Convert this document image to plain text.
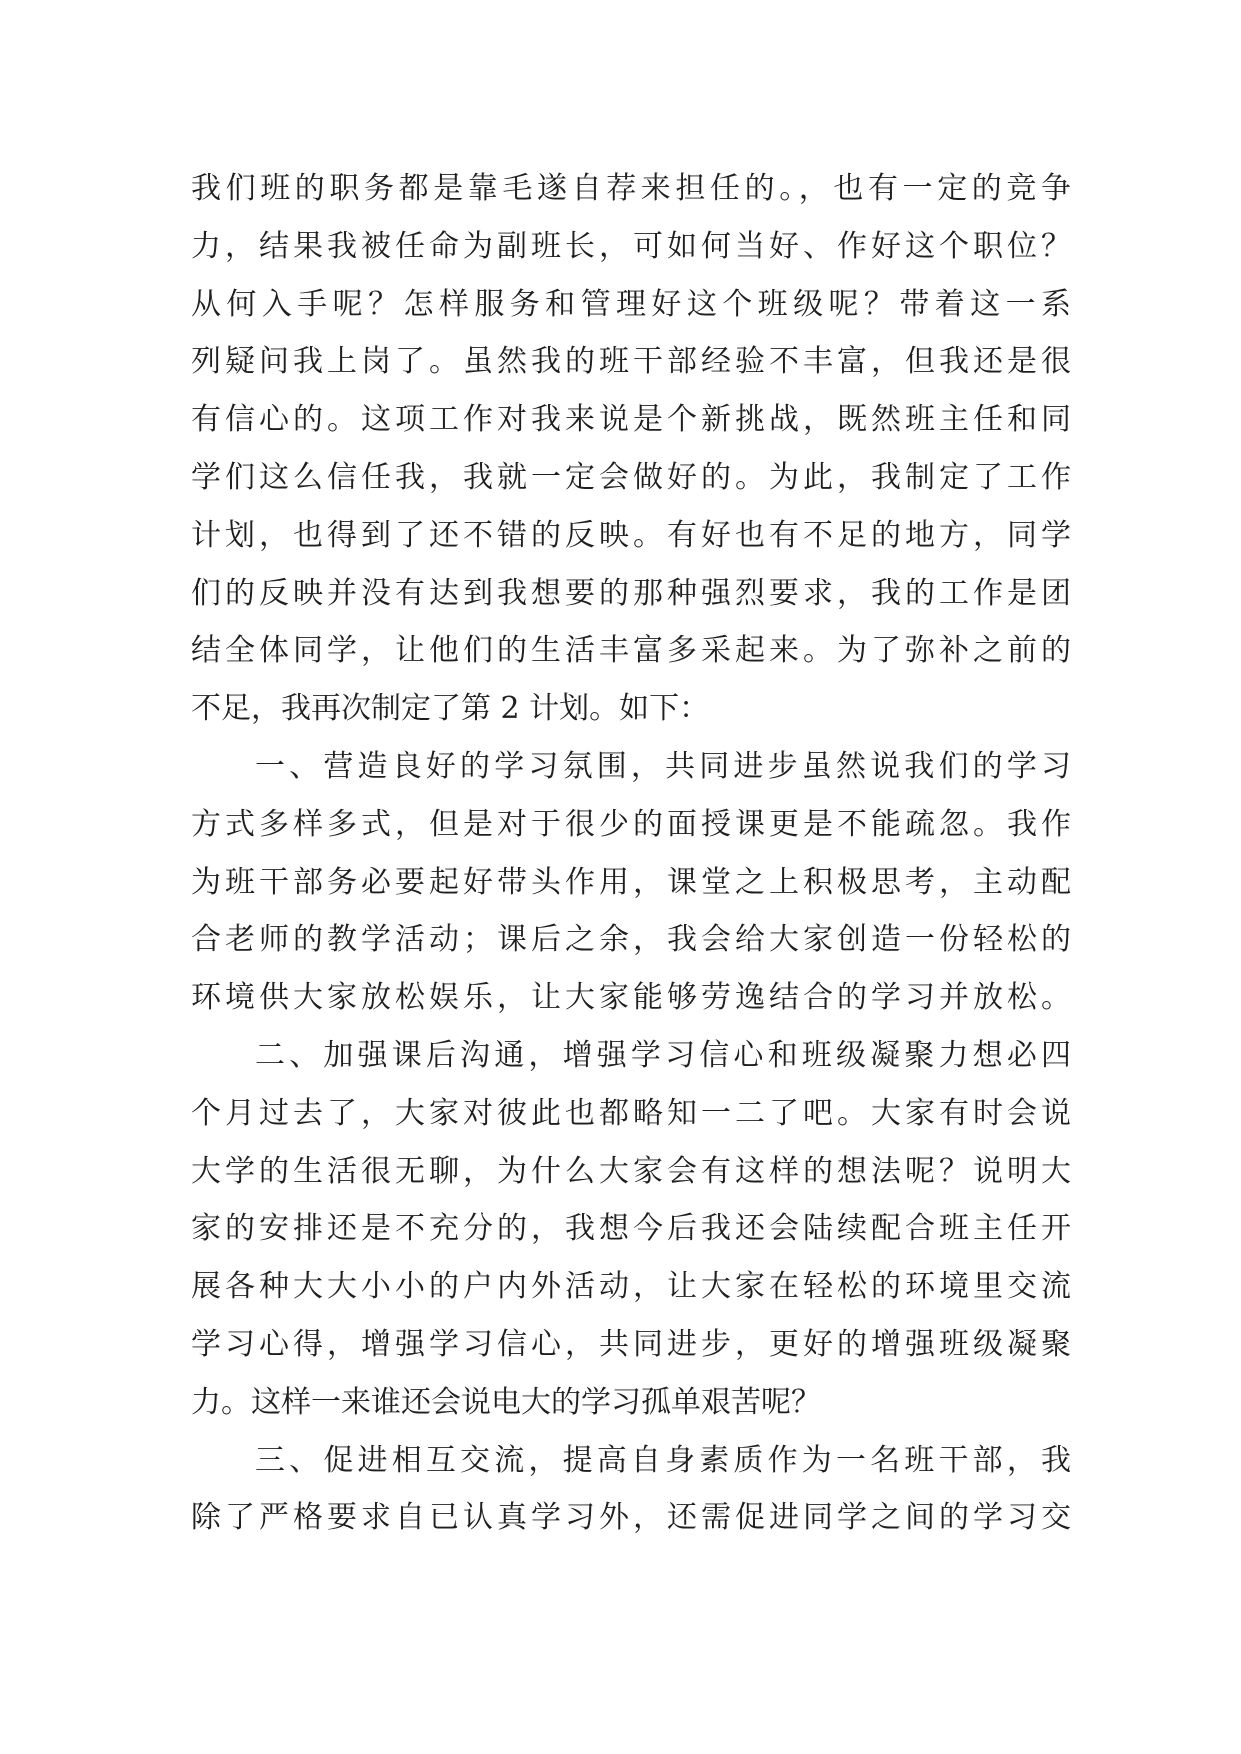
我们班的职务都是靠毛遂自荐来担任的。，也有一定的竞争
力，结果我被任命为副班长，可如何当好、作好这个职位？
从何入手呢？怎样服务和管理好这个班级呢？带着这一系
列疑问我上岗了。虽然我的班干部经验不丰富，但我还是很
有信心的。这项工作对我来说是个新挑战，既然班主任和同
学们这么信任我，我就一定会做好的。为此，我制定了工作
计划，也得到了还不错的反映。有好也有不足的地方，同学
们的反映并没有达到我想要的那种强烈要求，我的工作是团
结全体同学，让他们的生活丰富多采起来。为了弥补之前的
不足，我再次制定了第 2 计划。如下：
一、营造良好的学习氛围，共同进步虽然说我们的学习
方式多样多式，但是对于很少的面授课更是不能疏忽。我作
为班干部务必要起好带头作用，课堂之上积极思考，主动配
合老师的教学活动；课后之余，我会给大家创造一份轻松的
环境供大家放松娱乐，让大家能够劳逸结合的学习并放松。
二、加强课后沟通，增强学习信心和班级凝聚力想必四
个月过去了，大家对彼此也都略知一二了吧。大家有时会说
大学的生活很无聊，为什么大家会有这样的想法呢？说明大
家的安排还是不充分的，我想今后我还会陆续配合班主任开
展各种大大小小的户内外活动，让大家在轻松的环境里交流
学习心得，增强学习信心，共同进步，更好的增强班级凝聚
力。这样一来谁还会说电大的学习孤单艰苦呢？
三、促进相互交流，提高自身素质作为一名班干部，我
除了严格要求自已认真学习外，还需促进同学之间的学习交
